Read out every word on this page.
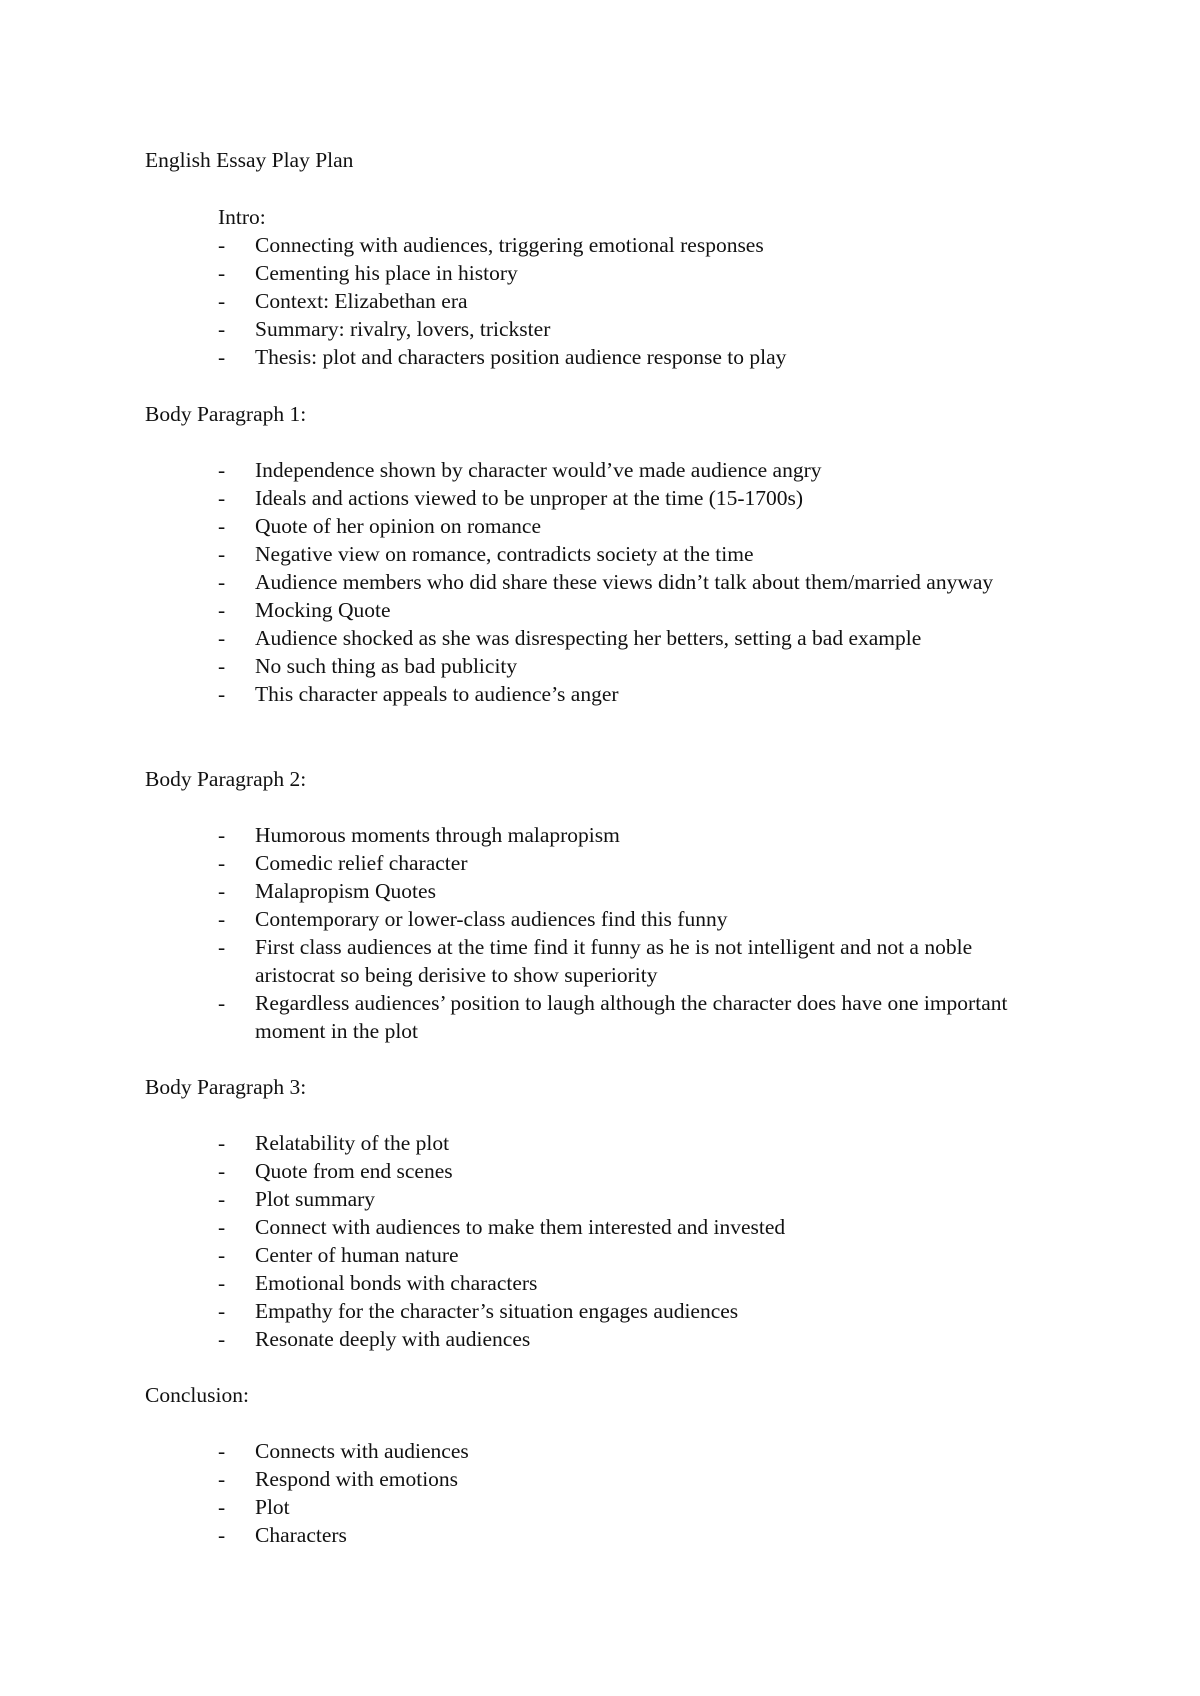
English Essay Play Plan
Intro:
-	Connecting with audiences, triggering emotional responses
-	Cementing his place in history
-	Context: Elizabethan era
-	Summary: rivalry, lovers, trickster
-	Thesis: plot and characters position audience response to play
Body Paragraph 1:
-	Independence shown by character would’ve made audience angry
-	Ideals and actions viewed to be unproper at the time (15-1700s)
-	Quote of her opinion on romance
-	Negative view on romance, contradicts society at the time
-	Audience members who did share these views didn’t talk about them/married anyway
-	Mocking Quote
-	Audience shocked as she was disrespecting her betters, setting a bad example
-	No such thing as bad publicity
-	This character appeals to audience’s anger
Body Paragraph 2:
-	Humorous moments through malapropism
-	Comedic relief character
-	Malapropism Quotes
-	Contemporary or lower-class audiences find this funny
-	First class audiences at the time find it funny as he is not intelligent and not a noble aristocrat so being derisive to show superiority
-	Regardless audiences’ position to laugh although the character does have one important moment in the plot
Body Paragraph 3:
-	Relatability of the plot
-	Quote from end scenes
-	Plot summary
-	Connect with audiences to make them interested and invested
-	Center of human nature
-	Emotional bonds with characters
-	Empathy for the character’s situation engages audiences
-	Resonate deeply with audiences
Conclusion:
-	Connects with audiences
-	Respond with emotions
-	Plot
-	Characters
